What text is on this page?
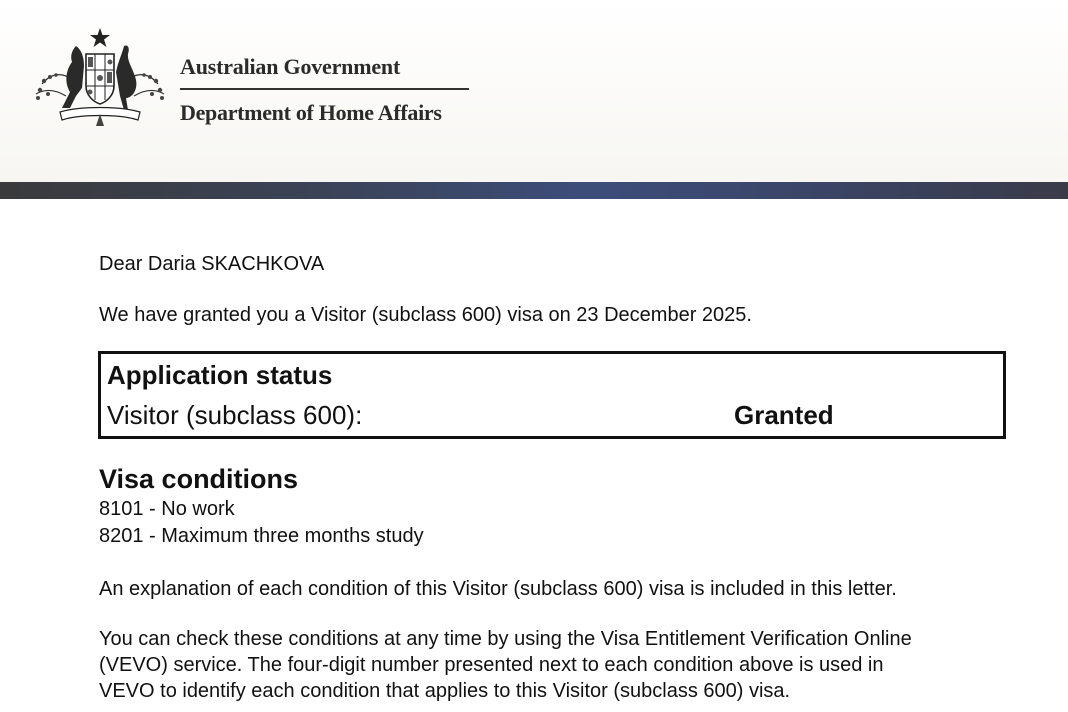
Australian Government
Department of Home Affairs
Dear Daria SKACHKOVA
We have granted you a Visitor (subclass 600) visa on 23 December 2025.
Application status
Visitor (subclass 600):	Granted
Visa conditions
8101 - No work
8201 - Maximum three months study
An explanation of each condition of this Visitor (subclass 600) visa is included in this letter.
You can check these conditions at any time by using the Visa Entitlement Verification Online
(VEVO) service. The four-digit number presented next to each condition above is used in
VEVO to identify each condition that applies to this Visitor (subclass 600) visa.
